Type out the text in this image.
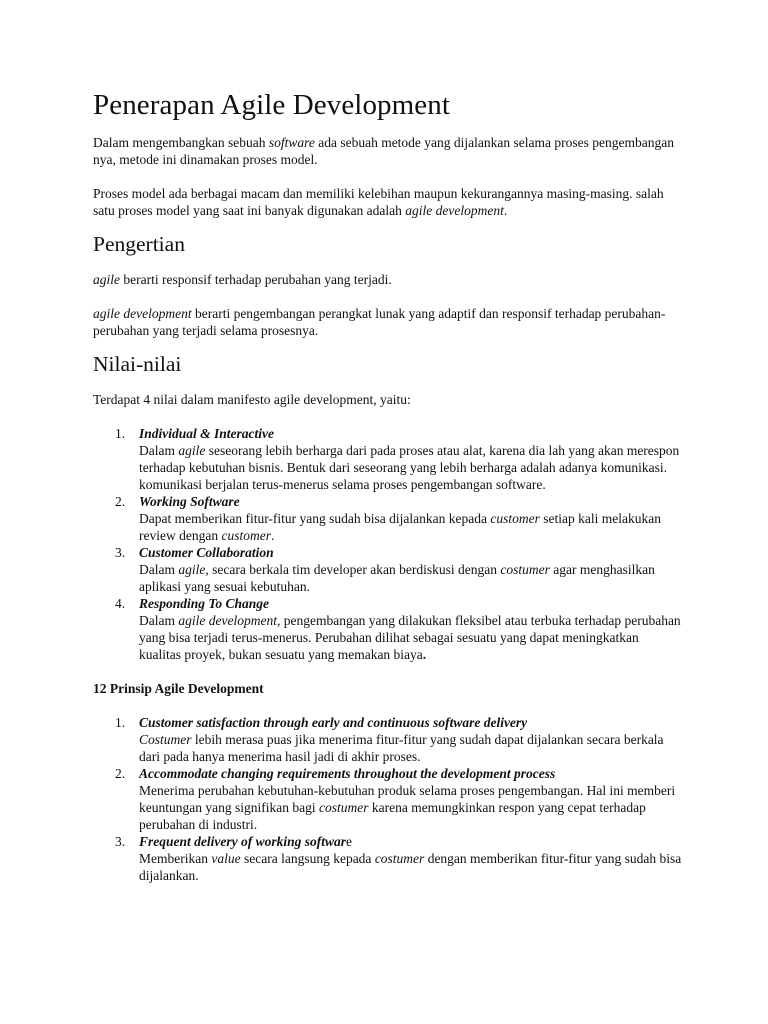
Penerapan Agile Development

Dalam mengembangkan sebuah software ada sebuah metode yang dijalankan selama proses pengembangan nya, metode ini dinamakan proses model.

Proses model ada berbagai macam dan memiliki kelebihan maupun kekurangannya masing-masing. salah satu proses model yang saat ini banyak digunakan adalah agile development.

Pengertian

agile berarti responsif terhadap perubahan yang terjadi.

agile development berarti pengembangan perangkat lunak yang adaptif dan responsif terhadap perubahan-perubahan yang terjadi selama prosesnya.

Nilai-nilai

Terdapat 4 nilai dalam manifesto agile development, yaitu:

1. Individual & Interactive
Dalam agile seseorang lebih berharga dari pada proses atau alat, karena dia lah yang akan merespon terhadap kebutuhan bisnis. Bentuk dari seseorang yang lebih berharga adalah adanya komunikasi. komunikasi berjalan terus-menerus selama proses pengembangan software.
2. Working Software
Dapat memberikan fitur-fitur yang sudah bisa dijalankan kepada customer setiap kali melakukan review dengan customer.
3. Customer Collaboration
Dalam agile, secara berkala tim developer akan berdiskusi dengan costumer agar menghasilkan aplikasi yang sesuai kebutuhan.
4. Responding To Change
Dalam agile development, pengembangan yang dilakukan fleksibel atau terbuka terhadap perubahan yang bisa terjadi terus-menerus. Perubahan dilihat sebagai sesuatu yang dapat meningkatkan kualitas proyek, bukan sesuatu yang memakan biaya.
12 Prinsip Agile Development
1. Customer satisfaction through early and continuous software delivery
Costumer lebih merasa puas jika menerima fitur-fitur yang sudah dapat dijalankan secara berkala dari pada hanya menerima hasil jadi di akhir proses.
2. Accommodate changing requirements throughout the development process
Menerima perubahan kebutuhan-kebutuhan produk selama proses pengembangan. Hal ini memberi keuntungan yang signifikan bagi costumer karena memungkinkan respon yang cepat terhadap perubahan di industri.
3. Frequent delivery of working software
Memberikan value secara langsung kepada costumer dengan memberikan fitur-fitur yang sudah bisa dijalankan.
